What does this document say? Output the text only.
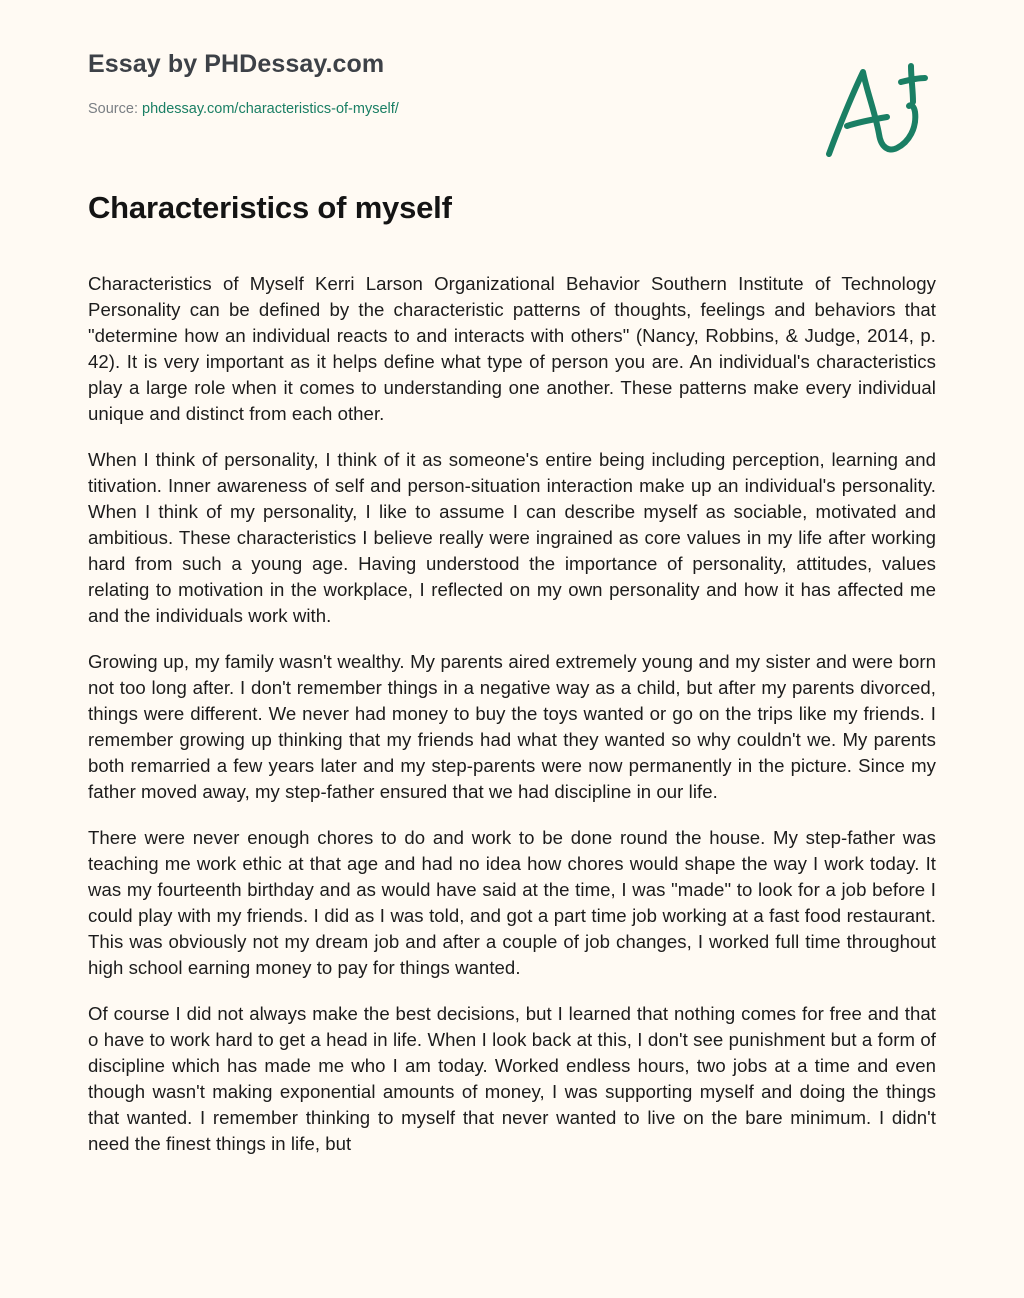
Essay by PHDessay.com
Source: phdessay.com/characteristics-of-myself/
Characteristics of myself

Characteristics of Myself Kerri Larson Organizational Behavior Southern Institute of Technology Personality can be defined by the characteristic patterns of thoughts, feelings and behaviors that "determine how an individual reacts to and interacts with others" (Nancy, Robbins, & Judge, 2014, p. 42). It is very important as it helps define what type of person you are. An individual's characteristics play a large role when it comes to understanding one another. These patterns make every individual unique and distinct from each other.

When I think of personality, I think of it as someone's entire being including perception, learning and titivation. Inner awareness of self and person-situation interaction make up an individual's personality. When I think of my personality, I like to assume I can describe myself as sociable, motivated and ambitious. These characteristics I believe really were ingrained as core values in my life after working hard from such a young age. Having understood the importance of personality, attitudes, values relating to motivation in the workplace, I reflected on my own personality and how it has affected me and the individuals work with.

Growing up, my family wasn't wealthy. My parents aired extremely young and my sister and were born not too long after. I don't remember things in a negative way as a child, but after my parents divorced, things were different. We never had money to buy the toys wanted or go on the trips like my friends. I remember growing up thinking that my friends had what they wanted so why couldn't we. My parents both remarried a few years later and my step-parents were now permanently in the picture. Since my father moved away, my step-father ensured that we had discipline in our life.

There were never enough chores to do and work to be done round the house. My step-father was teaching me work ethic at that age and had no idea how chores would shape the way I work today. It was my fourteenth birthday and as would have said at the time, I was "made" to look for a job before I could play with my friends. I did as I was told, and got a part time job working at a fast food restaurant. This was obviously not my dream job and after a couple of job changes, I worked full time throughout high school earning money to pay for things wanted.

Of course I did not always make the best decisions, but I learned that nothing comes for free and that o have to work hard to get a head in life. When I look back at this, I don't see punishment but a form of discipline which has made me who I am today. Worked endless hours, two jobs at a time and even though wasn't making exponential amounts of money, I was supporting myself and doing the things that wanted. I remember thinking to myself that never wanted to live on the bare minimum. I didn't need the finest things in life, but
